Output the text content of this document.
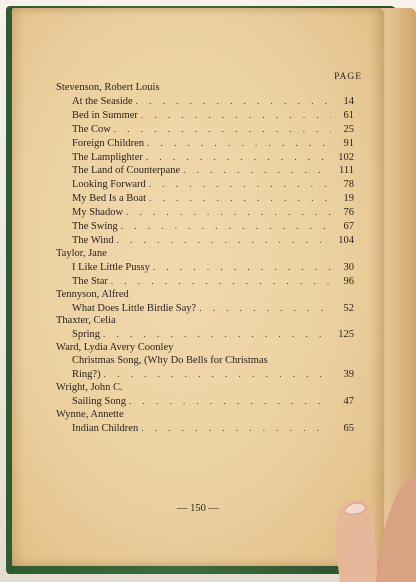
PAGE
Stevenson, Robert Louis
At the Seaside . . .	14
Bed in Summer . . .	61
The Cow . . .	25
Foreign Children . . .	91
The Lamplighter . . .	102
The Land of Counterpane . . .	111
Looking Forward . . .	78
My Bed Is a Boat . . .	19
My Shadow . . .	76
The Swing . . .	67
The Wind . . .	104
Taylor, Jane
I Like Little Pussy . . .	30
The Star . . .	96
Tennyson, Alfred
What Does Little Birdie Say? . . .	52
Thaxter, Celia
Spring . . .	125
Ward, Lydia Avery Coonley
Christmas Song, (Why Do Bells for Christmas
Ring?) . . .	39
Wright, John C.
Sailing Song . . .	47
Wynne, Annette
Indian Children . . .	65
— 150 —
